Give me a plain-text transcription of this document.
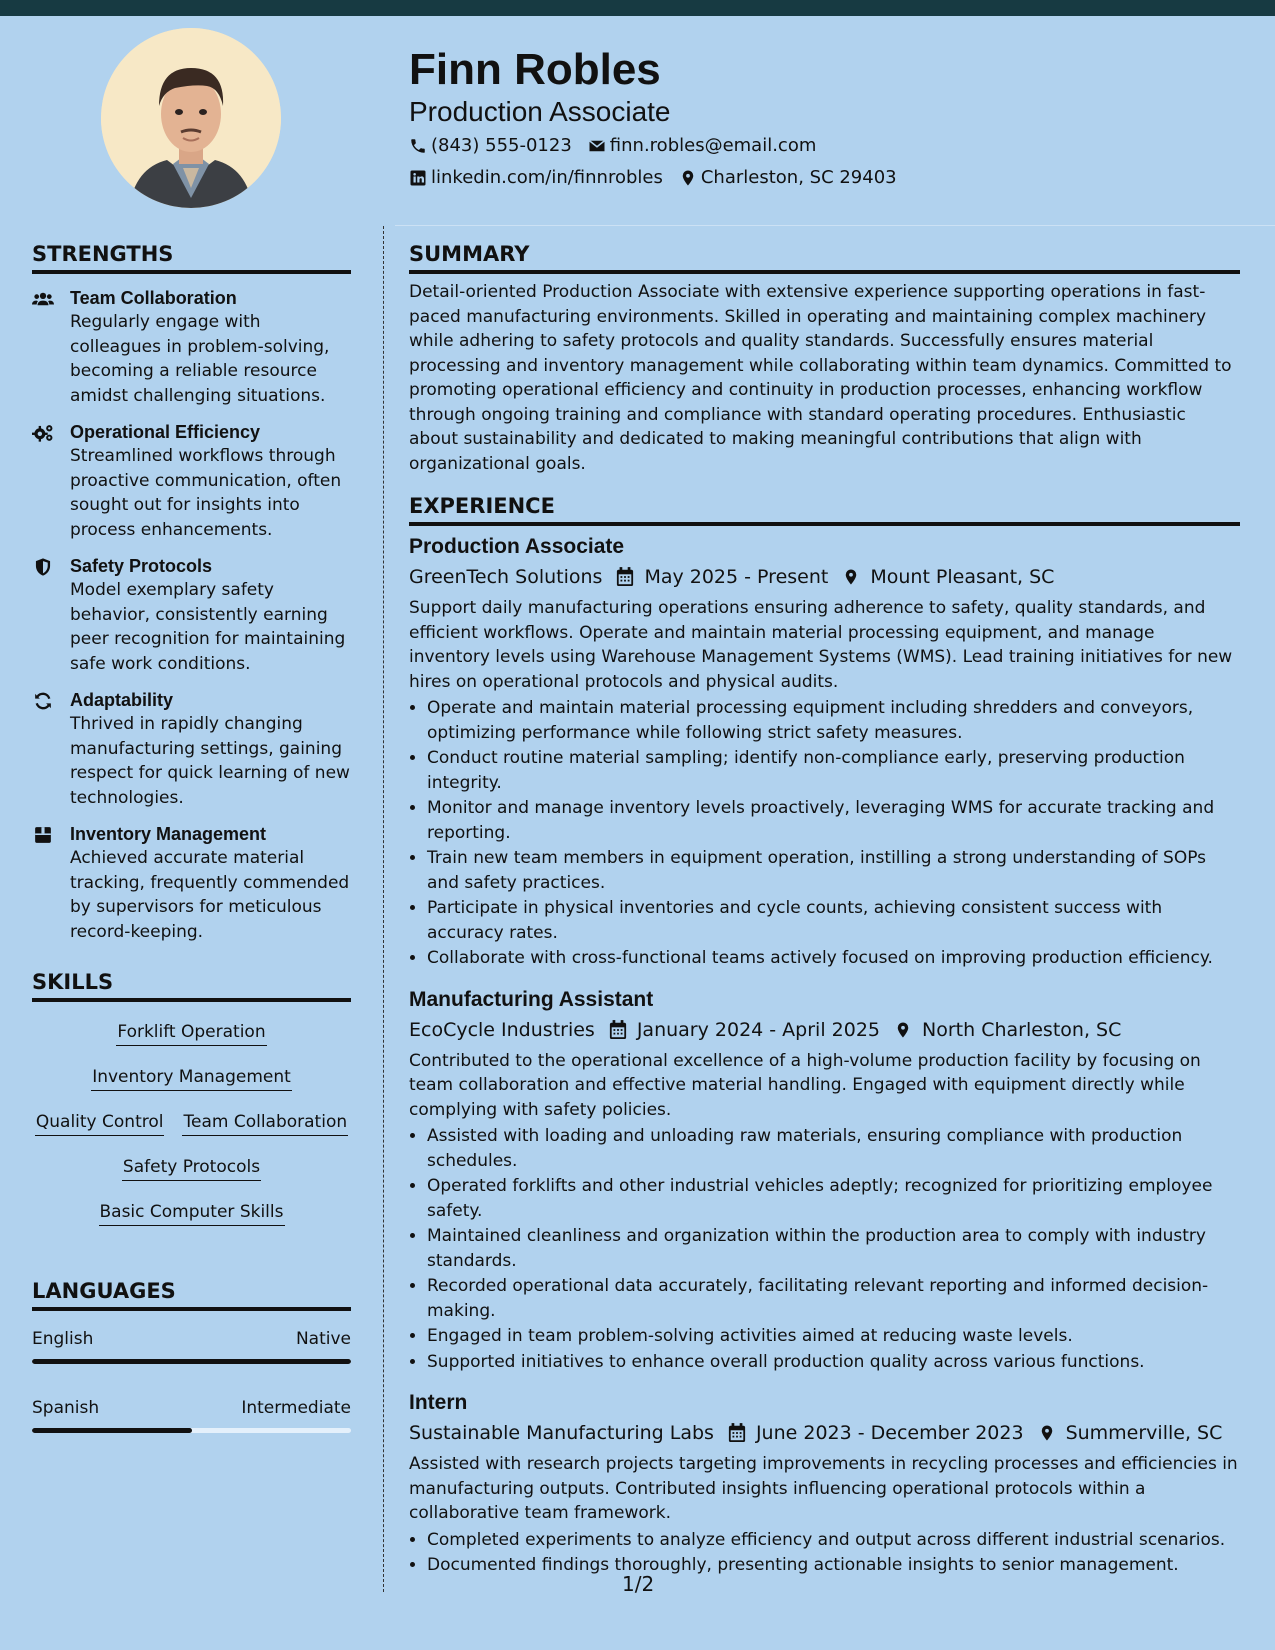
Finn Robles
Production Associate
(843) 555-0123 finn.robles@email.com
linkedin.com/in/finnrobles Charleston, SC 29403
STRENGTHS
Team Collaboration
Regularly engage with colleagues in problem-solving, becoming a reliable resource amidst challenging situations.
Operational Efficiency
Streamlined workflows through proactive communication, often sought out for insights into process enhancements.
Safety Protocols
Model exemplary safety behavior, consistently earning peer recognition for maintaining safe work conditions.
Adaptability
Thrived in rapidly changing manufacturing settings, gaining respect for quick learning of new technologies.
Inventory Management
Achieved accurate material tracking, frequently commended by supervisors for meticulous record-keeping.
SKILLS
Forklift Operation
Inventory Management
Quality Control Team Collaboration
Safety Protocols
Basic Computer Skills
LANGUAGES
English	Native
Spanish	Intermediate
SUMMARY

Detail-oriented Production Associate with extensive experience supporting operations in fast-paced manufacturing environments. Skilled in operating and maintaining complex machinery while adhering to safety protocols and quality standards. Successfully ensures material processing and inventory management while collaborating within team dynamics. Committed to promoting operational efficiency and continuity in production processes, enhancing workflow through ongoing training and compliance with standard operating procedures. Enthusiastic about sustainability and dedicated to making meaningful contributions that align with organizational goals.

EXPERIENCE
Production Associate
GreenTech Solutions May 2025 - Present Mount Pleasant, SC
Support daily manufacturing operations ensuring adherence to safety, quality standards, and efficient workflows. Operate and maintain material processing equipment, and manage inventory levels using Warehouse Management Systems (WMS). Lead training initiatives for new hires on operational protocols and physical audits.
• Operate and maintain material processing equipment including shredders and conveyors, optimizing performance while following strict safety measures.
• Conduct routine material sampling; identify non-compliance early, preserving production integrity.
• Monitor and manage inventory levels proactively, leveraging WMS for accurate tracking and reporting.
• Train new team members in equipment operation, instilling a strong understanding of SOPs and safety practices.
• Participate in physical inventories and cycle counts, achieving consistent success with accuracy rates.
• Collaborate with cross-functional teams actively focused on improving production efficiency.
Manufacturing Assistant
EcoCycle Industries January 2024 - April 2025 North Charleston, SC
Contributed to the operational excellence of a high-volume production facility by focusing on team collaboration and effective material handling. Engaged with equipment directly while complying with safety policies.
• Assisted with loading and unloading raw materials, ensuring compliance with production schedules.
• Operated forklifts and other industrial vehicles adeptly; recognized for prioritizing employee safety.
• Maintained cleanliness and organization within the production area to comply with industry standards.
• Recorded operational data accurately, facilitating relevant reporting and informed decision-making.
• Engaged in team problem-solving activities aimed at reducing waste levels.
• Supported initiatives to enhance overall production quality across various functions.
Intern
Sustainable Manufacturing Labs June 2023 - December 2023 Summerville, SC
Assisted with research projects targeting improvements in recycling processes and efficiencies in manufacturing outputs. Contributed insights influencing operational protocols within a collaborative team framework.
• Completed experiments to analyze efficiency and output across different industrial scenarios.
• Documented findings thoroughly, presenting actionable insights to senior management.
1/2
